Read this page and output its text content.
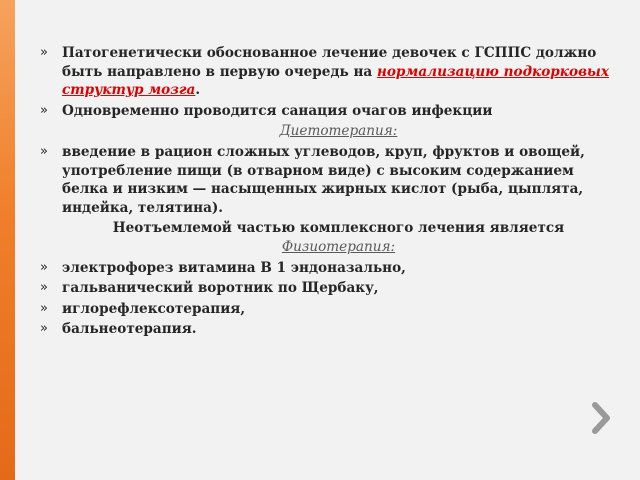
» Патогенетически обоснованное лечение девочек с ГСППС должно быть направлено в первую очередь на нормализацию подкорковых структур мозга.
» Одновременно проводится санация очагов инфекции
Диетотерапия:
» введение в рацион сложных углеводов, круп, фруктов и овощей, употребление пищи (в отварном виде) с высоким содержанием белка и низким — насыщенных жирных кислот (рыба, цыплята, индейка, телятина).
Неотъемлемой частью комплексного лечения является Физиотерапия:
» электрофорез витамина В 1 эндоназально,
» гальванический воротник по Щербаку,
» иглорефлексотерапия,
» бальнеотерапия.
